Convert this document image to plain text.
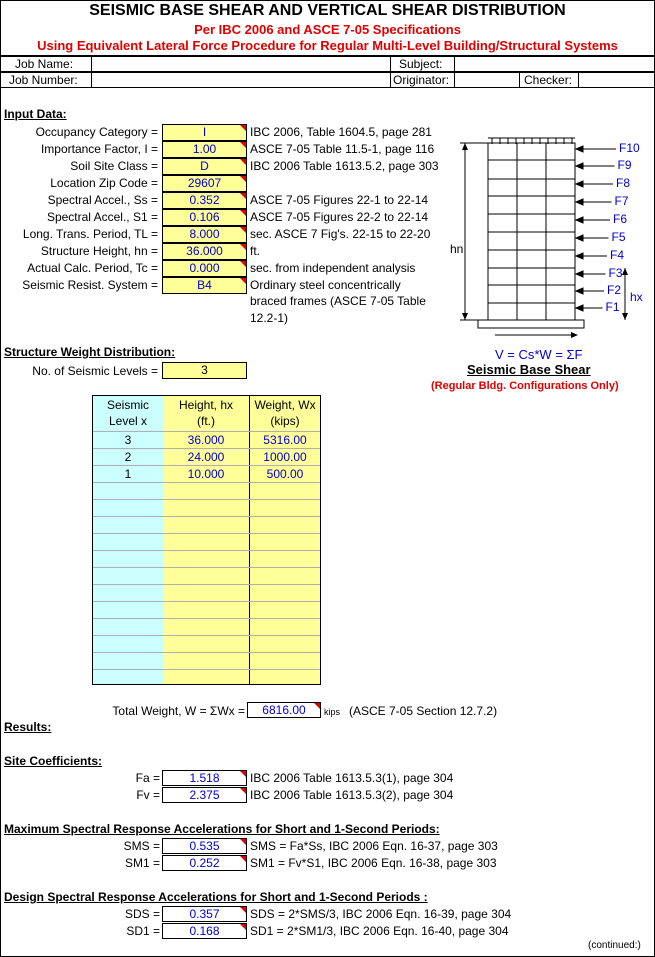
SEISMIC BASE SHEAR AND VERTICAL SHEAR DISTRIBUTION
Per IBC 2006 and ASCE 7-05 Specifications
Using Equivalent Lateral Force Procedure for Regular Multi-Level Building/Structural Systems
Job Name:	Subject:
Job Number:	Originator:	Checker:
Input Data:
Occupancy Category =	I	IBC 2006, Table 1604.5, page 281
Importance Factor, I =	1.00	ASCE 7-05 Table 11.5-1, page 116
Soil Site Class =	D	IBC 2006 Table 1613.5.2, page 303
Location Zip Code =	29607
Spectral Accel., Ss =	0.352	ASCE 7-05 Figures 22-1 to 22-14
Spectral Accel., S1 =	0.106	ASCE 7-05 Figures 22-2 to 22-14
Long. Trans. Period, TL =	8.000	sec. ASCE 7 Fig's. 22-15 to 22-20
Structure Height, hn =	36.000	ft.
Actual Calc. Period, Tc =	0.000	sec. from independent analysis
Seismic Resist. System =	B4	Ordinary steel concentrically
braced frames (ASCE 7-05 Table
12.2-1)
F10
F9
F8
F7
F6
F5
F4
F3
F2
F1
hn
hx
V = Cs*W = ΣF
Seismic Base Shear
(Regular Bldg. Configurations Only)
Structure Weight Distribution:
No. of Seismic Levels =	3
Seismic
Level x
Height, hx
(ft.)
Weight, Wx
(kips)
3	36.000	5316.00
2	24.000	1000.00
1	10.000	500.00
Total Weight, W = ΣWx =	6816.00	kips (ASCE 7-05 Section 12.7.2)
Results:
Site Coefficients:
Fa =	1.518	IBC 2006 Table 1613.5.3(1), page 304
Fv =	2.375	IBC 2006 Table 1613.5.3(2), page 304
Maximum Spectral Response Accelerations for Short and 1-Second Periods:
SMS =	0.535	SMS = Fa*Ss, IBC 2006 Eqn. 16-37, page 303
SM1 =	0.252	SM1 = Fv*S1, IBC 2006 Eqn. 16-38, page 303
Design Spectral Response Accelerations for Short and 1-Second Periods :
SDS =	0.357	SDS = 2*SMS/3, IBC 2006 Eqn. 16-39, page 304
SD1 =	0.168	SD1 = 2*SM1/3, IBC 2006 Eqn. 16-40, page 304
(continued:)
